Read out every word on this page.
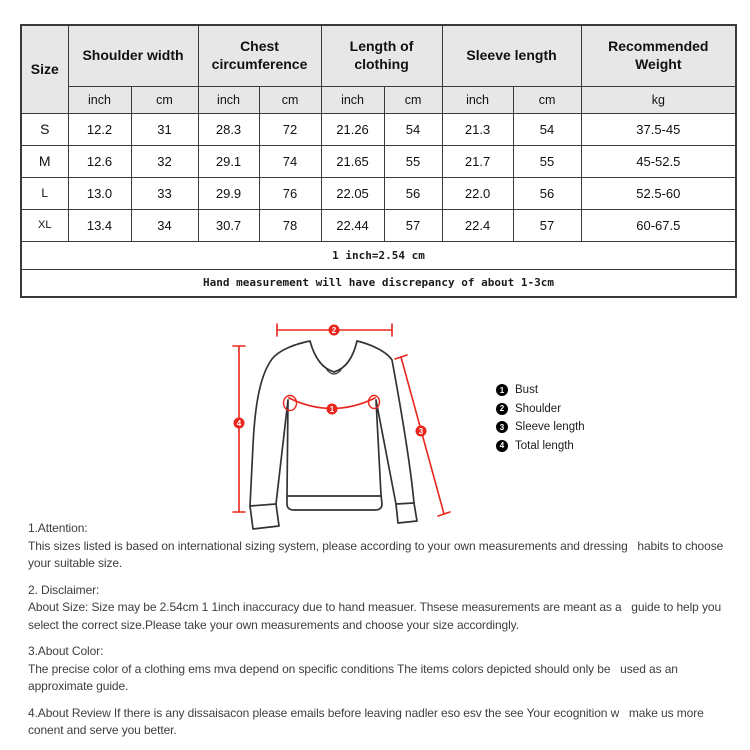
Size	Shoulder width		Chest circumference		Length of clothing		Sleeve length		Recommended Weight
	inch	cm	inch	cm	inch	cm	inch	cm	kg
S	12.2	31	28.3	72	21.26	54	21.3	54	37.5-45
M	12.6	32	29.1	74	21.65	55	21.7	55	45-52.5
L	13.0	33	29.9	76	22.05	56	22.0	56	52.5-60
XL	13.4	34	30.7	78	22.44	57	22.4	57	60-67.5
1 inch=2.54 cm									
Hand measurement will have discrepancy of about 1-3cm									
2
1
3
4
1 Bust
2 Shoulder
3 Sleeve length
4 Total length
1.Attention:
This sizes listed is based on international sizing system, please according to your own measurements and dressing   habits to choose your suitable size.
2. Disclaimer:
About Size: Size may be 2.54cm 1 1inch inaccuracy due to hand measuer. Thsese measurements are meant as a   guide to help you select the correct size.Please take your own measurements and choose your size accordingly.
3.About Color:
The precise color of a clothing ems mva depend on specific conditions The items colors depicted should only be   used as an approximate guide.
4.About Review If there is any dissaisacon please emails before leaving nadler eso esv the see Your ecognition w   make us more conent and serve you better.
